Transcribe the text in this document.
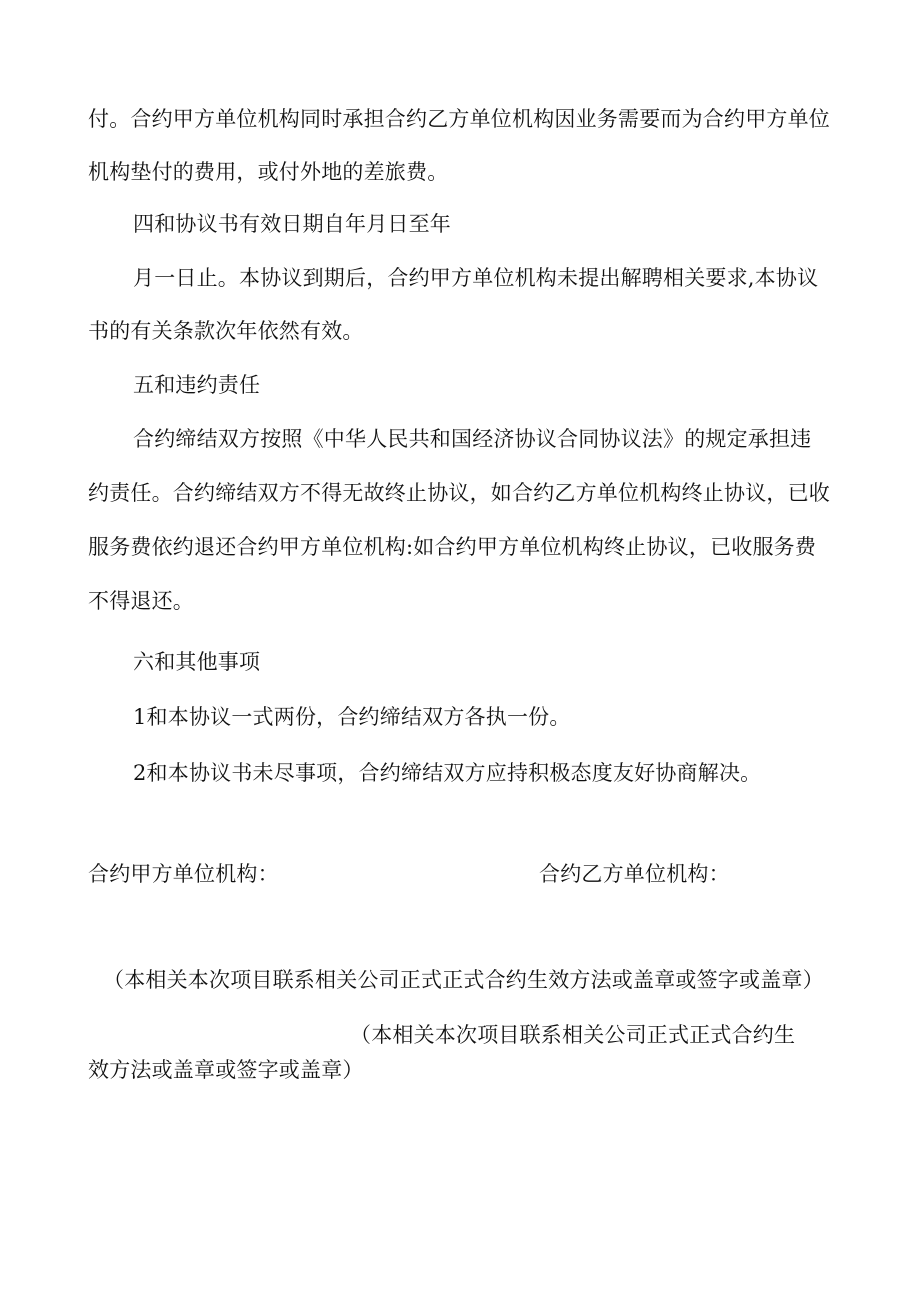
付。合约甲方单位机构同时承担合约乙方单位机构因业务需要而为合约甲方单位
机构垫付的费用，或付外地的差旅费。
四和协议书有效日期自年月日至年
月一日止。本协议到期后，合约甲方单位机构未提出解聘相关要求,本协议
书的有关条款次年依然有效。
五和违约责任
合约缔结双方按照《中华人民共和国经济协议合同协议法》的规定承担违
约责任。合约缔结双方不得无故终止协议，如合约乙方单位机构终止协议，已收
服务费依约退还合约甲方单位机构:如合约甲方单位机构终止协议，已收服务费
不得退还。
六和其他事项
1和本协议一式两份，合约缔结双方各执一份。
2和本协议书未尽事项，合约缔结双方应持积极态度友好协商解决。
合约甲方单位机构：	合约乙方单位机构：
（本相关本次项目联系相关公司正式正式合约生效方法或盖章或签字或盖章）
（本相关本次项目联系相关公司正式正式合约生
效方法或盖章或签字或盖章）
